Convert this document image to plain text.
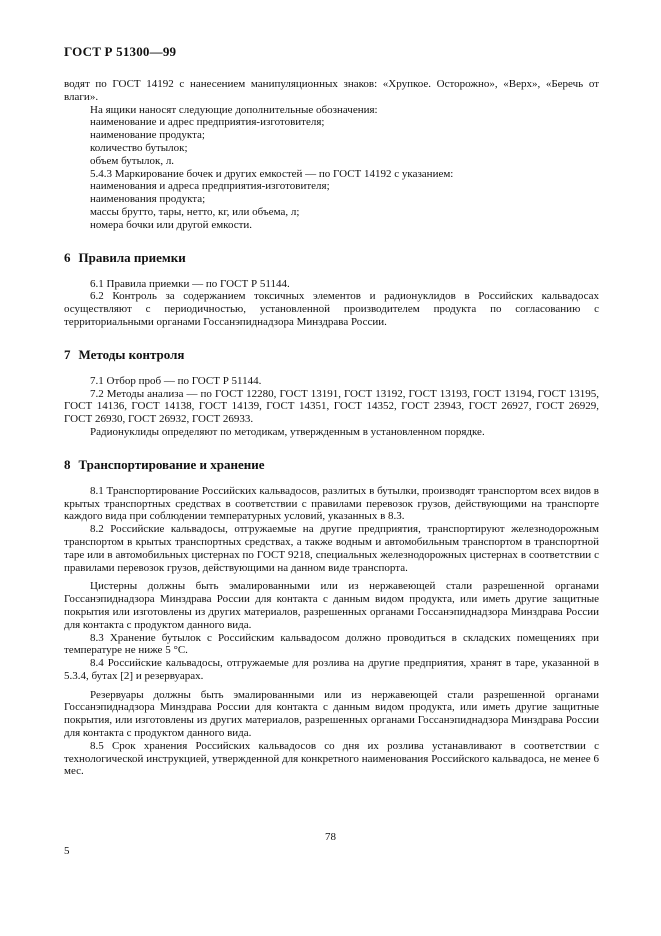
ГОСТ Р 51300—99

водят по ГОСТ 14192 с нанесением манипуляционных знаков: «Хрупкое. Осторожно», «Верх», «Беречь от влаги».

На ящики наносят следующие дополнительные обозначения:

наименование и адрес предприятия-изготовителя;

наименование продукта;

количество бутылок;

объем бутылок, л.

5.4.3 Маркирование бочек и других емкостей — по ГОСТ 14192 с указанием:

наименования и адреса предприятия-изготовителя;

наименования продукта;

массы брутто, тары, нетто, кг, или объема, л;

номера бочки или другой емкости.

6 Правила приемки

6.1 Правила приемки — по ГОСТ Р 51144.

6.2 Контроль за содержанием токсичных элементов и радионуклидов в Российских кальвадосах осуществляют с периодичностью, установленной производителем продукта по согласованию с территориальными органами Госсанэпиднадзора Минздрава России.

7 Методы контроля

7.1 Отбор проб — по ГОСТ Р 51144.

7.2 Методы анализа — по ГОСТ 12280, ГОСТ 13191, ГОСТ 13192, ГОСТ 13193, ГОСТ 13194, ГОСТ 13195, ГОСТ 14136, ГОСТ 14138, ГОСТ 14139, ГОСТ 14351, ГОСТ 14352, ГОСТ 23943, ГОСТ 26927, ГОСТ 26929, ГОСТ 26930, ГОСТ 26932, ГОСТ 26933.

Радионуклиды определяют по методикам, утвержденным в установленном порядке.

8 Транспортирование и хранение

8.1 Транспортирование Российских кальвадосов, разлитых в бутылки, производят транспортом всех видов в крытых транспортных средствах в соответствии с правилами перевозок грузов, действующими на транспорте каждого вида при соблюдении температурных условий, указанных в 8.3.

8.2 Российские кальвадосы, отгружаемые на другие предприятия, транспортируют железнодорожным транспортом в крытых транспортных средствах, а также водным и автомобильным транспортом в транспортной таре или в автомобильных цистернах по ГОСТ 9218, специальных железнодорожных цистернах в соответствии с правилами перевозок грузов, действующими на данном виде транспорта.

Цистерны должны быть эмалированными или из нержавеющей стали разрешенной органами Госсанэпиднадзора Минздрава России для контакта с данным видом продукта, или иметь другие защитные покрытия или изготовлены из других материалов, разрешенных органами Госсанэпиднадзора Минздрава России для контакта с продуктом данного вида.

8.3 Хранение бутылок с Российским кальвадосом должно проводиться в складских помещениях при температуре не ниже 5 °С.

8.4 Российские кальвадосы, отгружаемые для розлива на другие предприятия, хранят в таре, указанной в 5.3.4, бутах [2] и резервуарах.

Резервуары должны быть эмалированными или из нержавеющей стали разрешенной органами Госсанэпиднадзора Минздрава России для контакта с данным видом продукта, или иметь другие защитные покрытия, или изготовлены из других материалов, разрешенных органами Госсанэпиднадзора Минздрава России для контакта с продуктом данного вида.

8.5 Срок хранения Российских кальвадосов со дня их розлива устанавливают в соответствии с технологической инструкцией, утвержденной для конкретного наименования Российского кальвадоса, не менее 6 мес.

78
5
